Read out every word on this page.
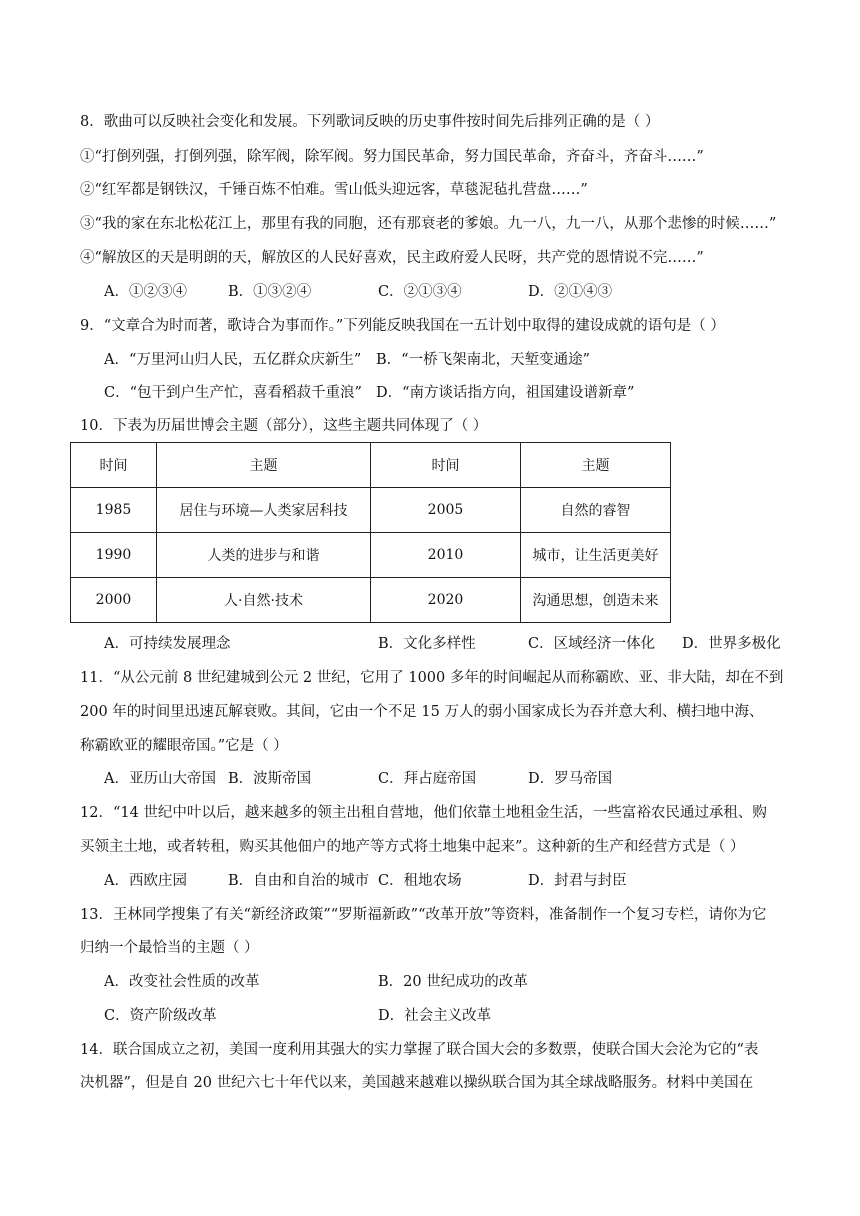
8．歌曲可以反映社会变化和发展。下列歌词反映的历史事件按时间先后排列正确的是（ ）
①“打倒列强，打倒列强，除军阀，除军阀。努力国民革命，努力国民革命，齐奋斗，齐奋斗……”
②“红军都是钢铁汉，千锤百炼不怕难。雪山低头迎远客，草毯泥毡扎营盘……”
③“我的家在东北松花江上，那里有我的同胞，还有那衰老的爹娘。九一八，九一八，从那个悲惨的时候……”
④“解放区的天是明朗的天，解放区的人民好喜欢，民主政府爱人民呀，共产党的恩情说不完……”
A．①②③④	B．①③②④	C．②①③④	D．②①④③
9．“文章合为时而著，歌诗合为事而作。”下列能反映我国在一五计划中取得的建设成就的语句是（ ）
A．“万里河山归人民，五亿群众庆新生” B．“一桥飞架南北，天堑变通途”
C．“包干到户生产忙，喜看稻菽千重浪” D．“南方谈话指方向，祖国建设谱新章”
10．下表为历届世博会主题（部分），这些主题共同体现了（ ）
时间	主题	时间	主题
1985	居住与环境—人类家居科技	2005	自然的睿智
1990	人类的进步与和谐	2010	城市，让生活更美好
2000	人·自然·技术	2020	沟通思想，创造未来
A．可持续发展理念	B．文化多样性	C．区域经济一体化 D．世界多极化
11．“从公元前 8 世纪建城到公元 2 世纪，它用了 1000 多年的时间崛起从而称霸欧、亚、非大陆，却在不到
200 年的时间里迅速瓦解衰败。其间，它由一个不足 15 万人的弱小国家成长为吞并意大利、横扫地中海、
称霸欧亚的耀眼帝国。”它是（ ）
A．亚历山大帝国 B．波斯帝国	C．拜占庭帝国	D．罗马帝国
12．“14 世纪中叶以后，越来越多的领主出租自营地，他们依靠土地租金生活，一些富裕农民通过承租、购
买领主土地，或者转租，购买其他佃户的地产等方式将土地集中起来”。这种新的生产和经营方式是（ ）
A．西欧庄园	B．自由和自治的城市 C．租地农场	D．封君与封臣
13．王林同学搜集了有关“新经济政策”“罗斯福新政”“改革开放”等资料，准备制作一个复习专栏，请你为它
归纳一个最恰当的主题（ ）
A．改变社会性质的改革	B．20 世纪成功的改革
C．资产阶级改革	D．社会主义改革
14．联合国成立之初，美国一度利用其强大的实力掌握了联合国大会的多数票，使联合国大会沦为它的“表
决机器”，但是自 20 世纪六七十年代以来，美国越来越难以操纵联合国为其全球战略服务。材料中美国在
